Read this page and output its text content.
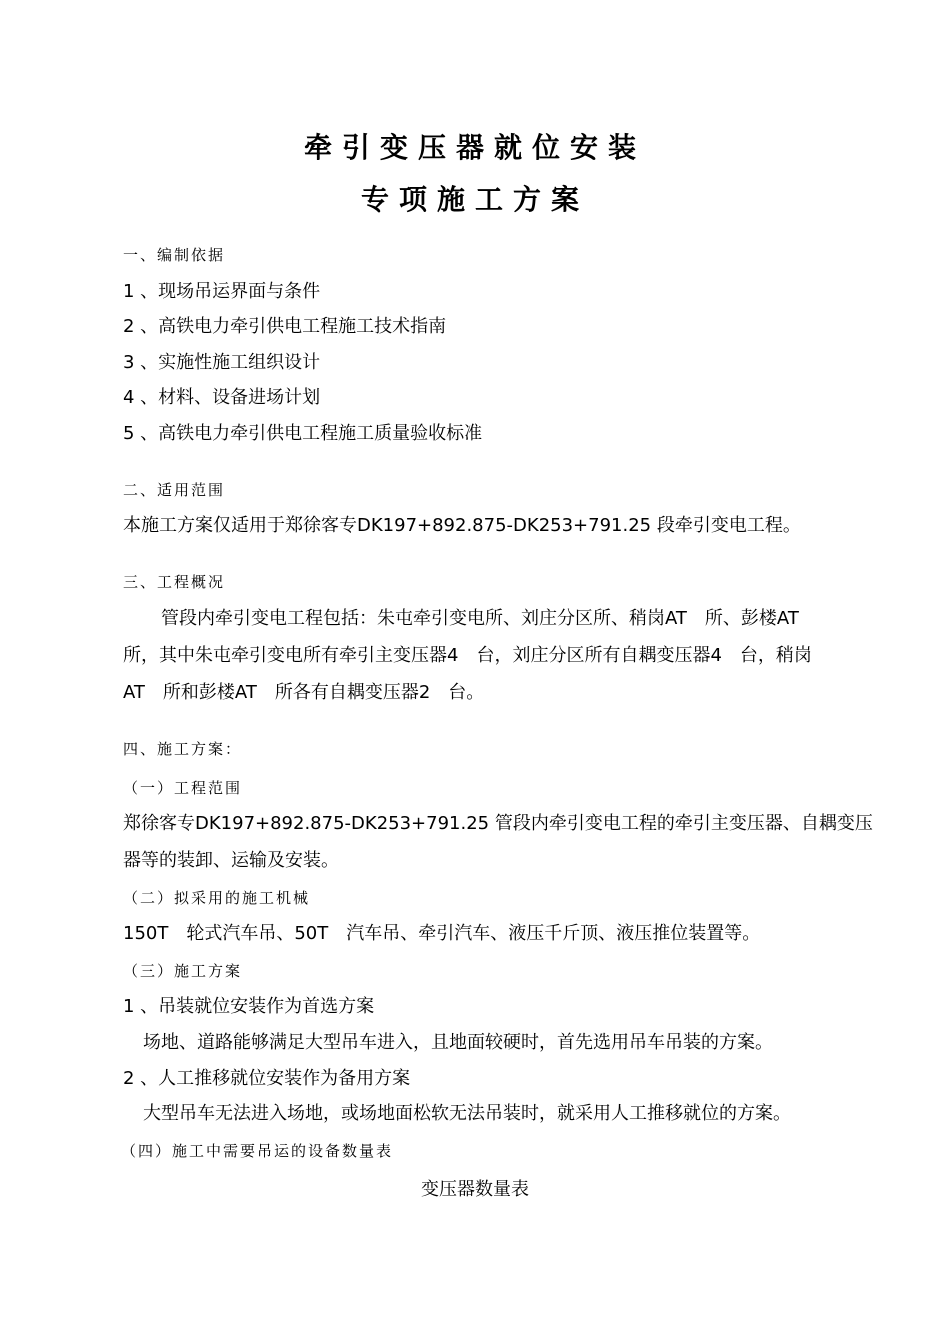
牵引变压器就位安装
专项施工方案
一、编制依据
1 、现场吊运界面与条件
2 、高铁电力牵引供电工程施工技术指南
3 、实施性施工组织设计
4 、材料、设备进场计划
5 、高铁电力牵引供电工程施工质量验收标准
二、适用范围
本施工方案仅适用于郑徐客专DK197+892.875-DK253+791.25 段牵引变电工程。
三、工程概况
管段内牵引变电工程包括：朱屯牵引变电所、刘庄分区所、稍岗AT　所、彭楼AT
所，其中朱屯牵引变电所有牵引主变压器4　台，刘庄分区所有自耦变压器4　台，稍岗
AT　所和彭楼AT　所各有自耦变压器2　台。
四、施工方案：
（一）工程范围
郑徐客专DK197+892.875-DK253+791.25 管段内牵引变电工程的牵引主变压器、自耦变压
器等的装卸、运输及安装。
（二）拟采用的施工机械
150T　轮式汽车吊、50T　汽车吊、牵引汽车、液压千斤顶、液压推位装置等。
（三）施工方案
1 、吊装就位安装作为首选方案
场地、道路能够满足大型吊车进入，且地面较硬时，首先选用吊车吊装的方案。
2 、人工推移就位安装作为备用方案
大型吊车无法进入场地，或场地面松软无法吊装时，就采用人工推移就位的方案。
（四）施工中需要吊运的设备数量表
变压器数量表
